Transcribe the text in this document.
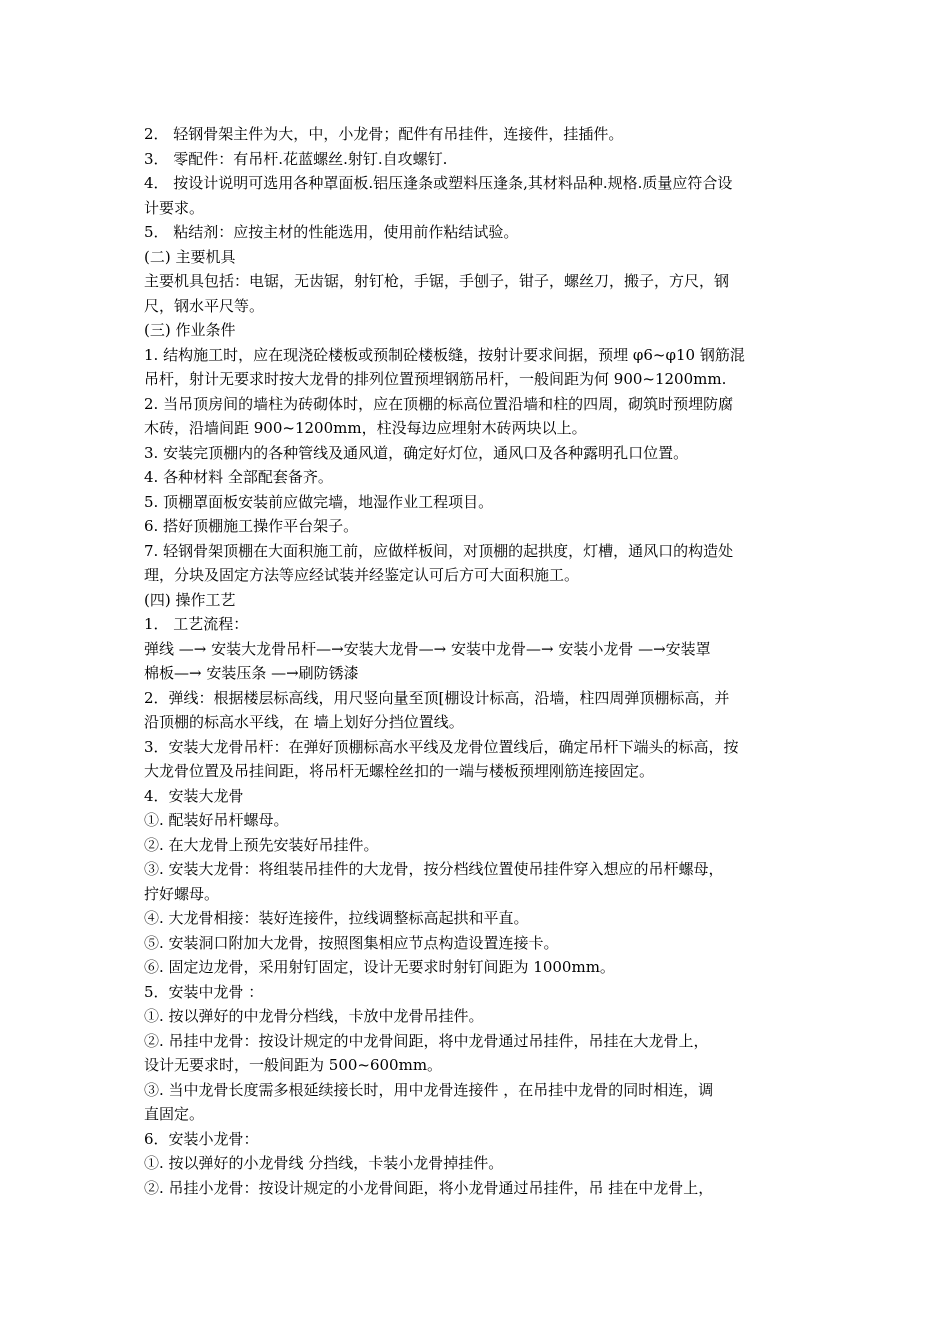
2． 轻钢骨架主件为大，中，小龙骨；配件有吊挂件，连接件，挂插件。
3． 零配件：有吊杆.花蓝螺丝.射钉.自攻螺钉.
4． 按设计说明可选用各种罩面板.铝压逢条或塑料压逢条,其材料品种.规格.质量应符合设
计要求。
5． 粘结剂：应按主材的性能选用，使用前作粘结试验。
(二) 主要机具
主要机具包括：电锯，无齿锯，射钉枪，手锯，手刨子，钳子，螺丝刀，搬子，方尺，钢
尺，钢水平尺等。
(三) 作业条件
1. 结构施工时，应在现浇砼楼板或预制砼楼板缝，按射计要求间据，预埋 φ6~φ10 钢筋混
吊杆，射计无要求时按大龙骨的排列位置预埋钢筋吊杆，一般间距为何 900~1200mm.
2. 当吊顶房间的墙柱为砖砌体时，应在顶棚的标高位置沿墙和柱的四周，砌筑时预埋防腐
木砖，沿墙间距 900~1200mm，柱没每边应埋射木砖两块以上。
3. 安装完顶棚内的各种管线及通风道，确定好灯位，通风口及各种露明孔口位置。
4. 各种材料 全部配套备齐。
5. 顶棚罩面板安装前应做完墙，地湿作业工程项目。
6. 搭好顶棚施工操作平台架子。
7. 轻钢骨架顶棚在大面积施工前，应做样板间，对顶棚的起拱度，灯槽，通风口的构造处
理，分块及固定方法等应经试装并经鉴定认可后方可大面积施工。
(四) 操作工艺
1． 工艺流程：
弹线 —→ 安装大龙骨吊杆—→安装大龙骨—→ 安装中龙骨—→ 安装小龙骨 —→安装罩
棉板—→ 安装压条 —→刷防锈漆
2．弹线：根据楼层标高线，用尺竖向量至顶[棚设计标高，沿墙，柱四周弹顶棚标高，并
沿顶棚的标高水平线，在 墙上划好分挡位置线。
3．安装大龙骨吊杆：在弹好顶棚标高水平线及龙骨位置线后，确定吊杆下端头的标高，按
大龙骨位置及吊挂间距，将吊杆无螺栓丝扣的一端与楼板预埋刚筋连接固定。
4．安装大龙骨
①. 配装好吊杆螺母。
②. 在大龙骨上预先安装好吊挂件。
③. 安装大龙骨：将组装吊挂件的大龙骨，按分档线位置使吊挂件穿入想应的吊杆螺母，
拧好螺母。
④. 大龙骨相接：装好连接件，拉线调整标高起拱和平直。
⑤. 安装洞口附加大龙骨，按照图集相应节点构造设置连接卡。
⑥. 固定边龙骨，采用射钉固定，设计无要求时射钉间距为 1000mm。
5．安装中龙骨 ：
①. 按以弹好的中龙骨分档线，卡放中龙骨吊挂件。
②. 吊挂中龙骨：按设计规定的中龙骨间距，将中龙骨通过吊挂件，吊挂在大龙骨上，
设计无要求时，一般间距为 500~600mm。
③. 当中龙骨长度需多根延续接长时，用中龙骨连接件 ，在吊挂中龙骨的同时相连，调
直固定。
6．安装小龙骨：
①. 按以弹好的小龙骨线 分挡线，卡装小龙骨掉挂件。
②. 吊挂小龙骨：按设计规定的小龙骨间距，将小龙骨通过吊挂件，吊 挂在中龙骨上，
